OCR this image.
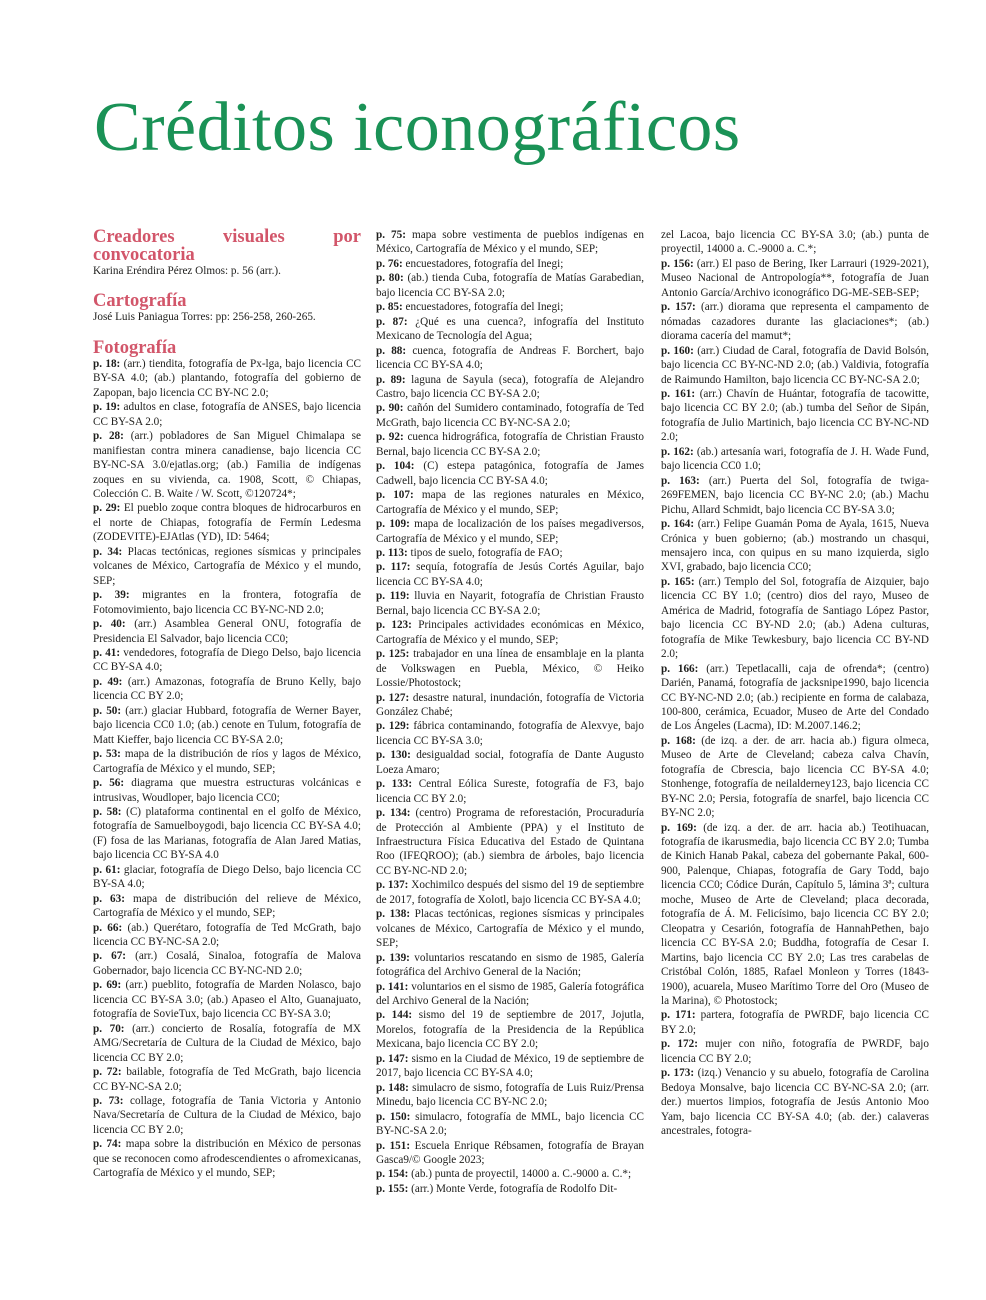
Créditos iconográficos
Creadores visuales por convocatoria

Karina Eréndira Pérez Olmos: p. 56 (arr.).

Cartografía

José Luis Paniagua Torres: pp: 256-258, 260-265.

Fotografía

p. 18: (arr.) tiendita, fotografía de Px-lga, bajo licencia CC BY-SA 4.0; (ab.) plantando, fotografía del gobierno de Zapopan, bajo licencia CC BY-NC 2.0;

p. 19: adultos en clase, fotografía de ANSES, bajo licencia CC BY-SA 2.0;

p. 28: (arr.) pobladores de San Miguel Chimalapa se manifiestan contra minera canadiense, bajo licencia CC BY-NC-SA 3.0/ejatlas.org; (ab.) Familia de indígenas zoques en su vivienda, ca. 1908, Scott, © Chiapas, Colección C. B. Waite / W. Scott, ©120724*;

p. 29: El pueblo zoque contra bloques de hidrocarburos en el norte de Chiapas, fotografía de Fermín Ledesma (ZODEVITE)-EJAtlas (YD), ID: 5464;

p. 34: Placas tectónicas, regiones sísmicas y principales volcanes de México, Cartografía de México y el mundo, SEP;

p. 39: migrantes en la frontera, fotografía de Fotomovimiento, bajo licencia CC BY-NC-ND 2.0;

p. 40: (arr.) Asamblea General ONU, fotografía de Presidencia El Salvador, bajo licencia CC0;

p. 41: vendedores, fotografía de Diego Delso, bajo licencia CC BY-SA 4.0;

p. 49: (arr.) Amazonas, fotografía de Bruno Kelly, bajo licencia CC BY 2.0;

p. 50: (arr.) glaciar Hubbard, fotografía de Werner Bayer, bajo licencia CC0 1.0; (ab.) cenote en Tulum, fotografía de Matt Kieffer, bajo licencia CC BY-SA 2.0;

p. 53: mapa de la distribución de ríos y lagos de México, Cartografía de México y el mundo, SEP;

p. 56: diagrama que muestra estructuras volcánicas e intrusivas, Woudloper, bajo licencia CC0;

p. 58: (C) plataforma continental en el golfo de México, fotografía de Samuelboygodi, bajo licencia CC BY-SA 4.0; (F) fosa de las Marianas, fotografía de Alan Jared Matias, bajo licencia CC BY-SA 4.0

p. 61: glaciar, fotografía de Diego Delso, bajo licencia CC BY-SA 4.0;

p. 63: mapa de distribución del relieve de México, Cartografía de México y el mundo, SEP;

p. 66: (ab.) Querétaro, fotografía de Ted McGrath, bajo licencia CC BY-NC-SA 2.0;

p. 67: (arr.) Cosalá, Sinaloa, fotografía de Malova Gobernador, bajo licencia CC BY-NC-ND 2.0;

p. 69: (arr.) pueblito, fotografía de Marden Nolasco, bajo licencia CC BY-SA 3.0; (ab.) Apaseo el Alto, Guanajuato, fotografía de SovieTux, bajo licencia CC BY-SA 3.0;

p. 70: (arr.) concierto de Rosalía, fotografía de MX AMG/Secretaría de Cultura de la Ciudad de México, bajo licencia CC BY 2.0;

p. 72: bailable, fotografía de Ted McGrath, bajo licencia CC BY-NC-SA 2.0;

p. 73: collage, fotografía de Tania Victoria y Antonio Nava/Secretaría de Cultura de la Ciudad de México, bajo licencia CC BY 2.0;

p. 74: mapa sobre la distribución en México de personas que se reconocen como afrodescendientes o afromexicanas, Cartografía de México y el mundo, SEP;

p. 75: mapa sobre vestimenta de pueblos indígenas en México, Cartografía de México y el mundo, SEP;

p. 76: encuestadores, fotografía del Inegi;

p. 80: (ab.) tienda Cuba, fotografía de Matías Garabedian, bajo licencia CC BY-SA 2.0;

p. 85: encuestadores, fotografía del Inegi;

p. 87: ¿Qué es una cuenca?, infografía del Instituto Mexicano de Tecnología del Agua;

p. 88: cuenca, fotografía de Andreas F. Borchert, bajo licencia CC BY-SA 4.0;

p. 89: laguna de Sayula (seca), fotografía de Alejandro Castro, bajo licencia CC BY-SA 2.0;

p. 90: cañón del Sumidero contaminado, fotografía de Ted McGrath, bajo licencia CC BY-NC-SA 2.0;

p. 92: cuenca hidrográfica, fotografía de Christian Frausto Bernal, bajo licencia CC BY-SA 2.0;

p. 104: (C) estepa patagónica, fotografía de James Cadwell, bajo licencia CC BY-SA 4.0;

p. 107: mapa de las regiones naturales en México, Cartografía de México y el mundo, SEP;

p. 109: mapa de localización de los países megadiversos, Cartografía de México y el mundo, SEP;

p. 113: tipos de suelo, fotografía de FAO;

p. 117: sequía, fotografía de Jesús Cortés Aguilar, bajo licencia CC BY-SA 4.0;

p. 119: lluvia en Nayarit, fotografía de Christian Frausto Bernal, bajo licencia CC BY-SA 2.0;

p. 123: Principales actividades económicas en México, Cartografía de México y el mundo, SEP;

p. 125: trabajador en una línea de ensamblaje en la planta de Volkswagen en Puebla, México, © Heiko Lossie/Photostock;

p. 127: desastre natural, inundación, fotografía de Victoria González Chabé;

p. 129: fábrica contaminando, fotografía de Alexvye, bajo licencia CC BY-SA 3.0;

p. 130: desigualdad social, fotografía de Dante Augusto Loeza Amaro;

p. 133: Central Eólica Sureste, fotografía de F3, bajo licencia CC BY 2.0;

p. 134: (centro) Programa de reforestación, Procuraduría de Protección al Ambiente (PPA) y el Instituto de Infraestructura Física Educativa del Estado de Quintana Roo (IFEQROO); (ab.) siembra de árboles, bajo licencia CC BY-NC-ND 2.0;

p. 137: Xochimilco después del sismo del 19 de septiembre de 2017, fotografía de Xolotl, bajo licencia CC BY-SA 4.0;

p. 138: Placas tectónicas, regiones sísmicas y principales volcanes de México, Cartografía de México y el mundo, SEP;

p. 139: voluntarios rescatando en sismo de 1985, Galería fotográfica del Archivo General de la Nación;

p. 141: voluntarios en el sismo de 1985, Galería fotográfica del Archivo General de la Nación;

p. 144: sismo del 19 de septiembre de 2017, Jojutla, Morelos, fotografía de la Presidencia de la República Mexicana, bajo licencia CC BY 2.0;

p. 147: sismo en la Ciudad de México, 19 de septiembre de 2017, bajo licencia CC BY-SA 4.0;

p. 148: simulacro de sismo, fotografía de Luis Ruiz/Prensa Minedu, bajo licencia CC BY-NC 2.0;

p. 150: simulacro, fotografía de MML, bajo licencia CC BY-NC-SA 2.0;

p. 151: Escuela Enrique Rébsamen, fotografía de Brayan Gasca9/© Google 2023;

p. 154: (ab.) punta de proyectil, 14000 a. C.-9000 a. C.*;

p. 155: (arr.) Monte Verde, fotografía de Rodolfo Dit-

zel Lacoa, bajo licencia CC BY-SA 3.0; (ab.) punta de proyectil, 14000 a. C.-9000 a. C.*;

p. 156: (arr.) El paso de Bering, Iker Larrauri (1929-2021), Museo Nacional de Antropología**, fotografía de Juan Antonio García/Archivo iconográfico DG-ME-SEB-SEP;

p. 157: (arr.) diorama que representa el campamento de nómadas cazadores durante las glaciaciones*; (ab.) diorama cacería del mamut*;

p. 160: (arr.) Ciudad de Caral, fotografía de David Bolsón, bajo licencia CC BY-NC-ND 2.0; (ab.) Valdivia, fotografía de Raimundo Hamilton, bajo licencia CC BY-NC-SA 2.0;

p. 161: (arr.) Chavín de Huántar, fotografía de tacowitte, bajo licencia CC BY 2.0; (ab.) tumba del Señor de Sipán, fotografía de Julio Martinich, bajo licencia CC BY-NC-ND 2.0;

p. 162: (ab.) artesanía wari, fotografía de J. H. Wade Fund, bajo licencia CC0 1.0;

p. 163: (arr.) Puerta del Sol, fotografía de twiga-269FEMEN, bajo licencia CC BY-NC 2.0; (ab.) Machu Pichu, Allard Schmidt, bajo licencia CC BY-SA 3.0;

p. 164: (arr.) Felipe Guamán Poma de Ayala, 1615, Nueva Crónica y buen gobierno; (ab.) mostrando un chasqui, mensajero inca, con quipus en su mano izquierda, siglo XVI, grabado, bajo licencia CC0;

p. 165: (arr.) Templo del Sol, fotografía de Aizquier, bajo licencia CC BY 1.0; (centro) dios del rayo, Museo de América de Madrid, fotografía de Santiago López Pastor, bajo licencia CC BY-ND 2.0; (ab.) Adena culturas, fotografía de Mike Tewkesbury, bajo licencia CC BY-ND 2.0;

p. 166: (arr.) Tepetlacalli, caja de ofrenda*; (centro) Darién, Panamá, fotografía de jacksnipe1990, bajo licencia CC BY-NC-ND 2.0; (ab.) recipiente en forma de calabaza, 100-800, cerámica, Ecuador, Museo de Arte del Condado de Los Ángeles (Lacma), ID: M.2007.146.2;

p. 168: (de izq. a der. de arr. hacia ab.) figura olmeca, Museo de Arte de Cleveland; cabeza calva Chavín, fotografía de Cbrescia, bajo licencia CC BY-SA 4.0; Stonhenge, fotografía de neilalderney123, bajo licencia CC BY-NC 2.0; Persia, fotografía de snarfel, bajo licencia CC BY-NC 2.0;

p. 169: (de izq. a der. de arr. hacia ab.) Teotihuacan, fotografía de ikarusmedia, bajo licencia CC BY 2.0; Tumba de Kinich Hanab Pakal, cabeza del gobernante Pakal, 600-900, Palenque, Chiapas, fotografía de Gary Todd, bajo licencia CC0; Códice Durán, Capítulo 5, lámina 3ª; cultura moche, Museo de Arte de Cleveland; placa decorada, fotografía de Á. M. Felicísimo, bajo licencia CC BY 2.0; Cleopatra y Cesarión, fotografía de HannahPethen, bajo licencia CC BY-SA 2.0; Buddha, fotografía de Cesar I. Martins, bajo licencia CC BY 2.0; Las tres carabelas de Cristóbal Colón, 1885, Rafael Monleon y Torres (1843-1900), acuarela, Museo Marítimo Torre del Oro (Museo de la Marina), © Photostock;

p. 171: partera, fotografía de PWRDF, bajo licencia CC BY 2.0;

p. 172: mujer con niño, fotografía de PWRDF, bajo licencia CC BY 2.0;

p. 173: (izq.) Venancio y su abuelo, fotografía de Carolina Bedoya Monsalve, bajo licencia CC BY-NC-SA 2.0; (arr. der.) muertos limpios, fotografía de Jesús Antonio Moo Yam, bajo licencia CC BY-SA 4.0; (ab. der.) calaveras ancestrales, fotogra-
